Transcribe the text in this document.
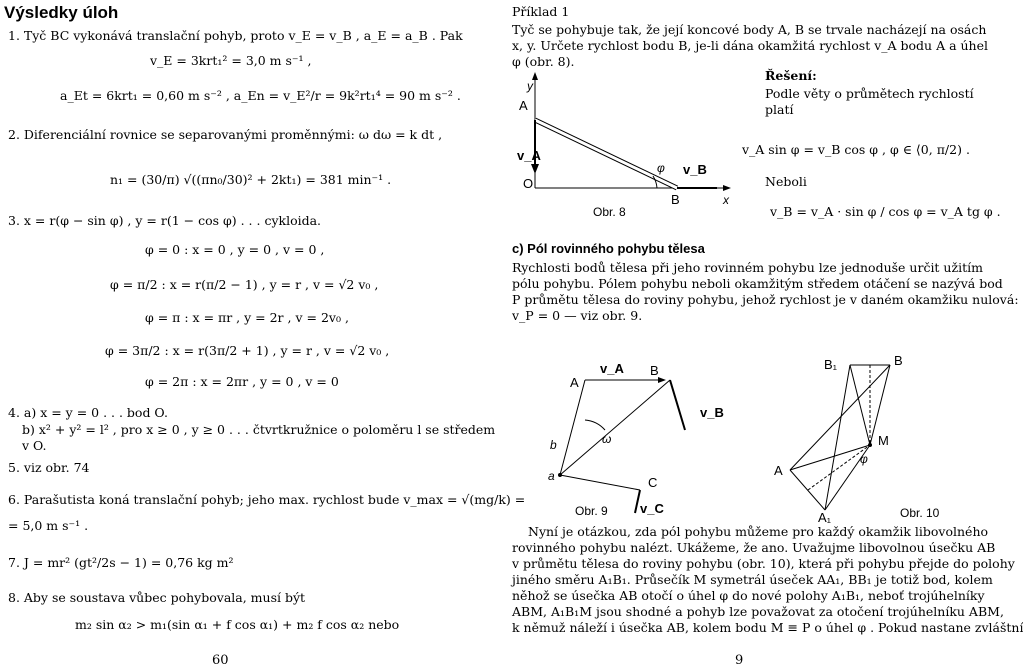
Výsledky úloh
1. Tyč BC vykonává translační pohyb, proto v_E = v_B , a_E = a_B . Pak
v_E = 3krt₁² = 3,0 m s⁻¹ ,
a_Et = 6krt₁ = 0,60 m s⁻² , a_En = v_E²/r = 9k²rt₁⁴ = 90 m s⁻² .
2. Diferenciální rovnice se separovanými proměnnými: ω dω = k dt ,
n₁ = (30/π) √((πn₀/30)² + 2kt₁) = 381 min⁻¹ .
3. x = r(φ − sin φ) , y = r(1 − cos φ) . . . cykloida.
φ = 0 : x = 0 , y = 0 , v = 0 ,
φ = π/2 : x = r(π/2 − 1) , y = r , v = √2 v₀ ,
φ = π : x = πr , y = 2r , v = 2v₀ ,
φ = 3π/2 : x = r(3π/2 + 1) , y = r , v = √2 v₀ ,
φ = 2π : x = 2πr , y = 0 , v = 0
4. a) x = y = 0 . . . bod O.
b) x² + y² = l² , pro x ≥ 0 , y ≥ 0 . . . čtvrtkružnice o poloměru l se středem
v O.
5. viz obr. 74
6. Parašutista koná translační pohyb; jeho max. rychlost bude v_max = √(mg/k) =
= 5,0 m s⁻¹ .
7. J = mr² (gt²/2s − 1) = 0,76 kg m²
8. Aby se soustava vůbec pohybovala, musí být
m₂ sin α₂ > m₁(sin α₁ + f cos α₁) + m₂ f cos α₂ nebo
60
Příklad 1
Tyč se pohybuje tak, že její koncové body A, B se trvale nacházejí na osách
x, y. Určete rychlost bodu B, je-li dána okamžitá rychlost v_A bodu A a úhel
φ (obr. 8).
Řešení:
Podle věty o průmětech rychlostí
platí
v_A sin φ = v_B cos φ , φ ∈ ⟨0, π/2) .
Neboli
v_B = v_A · sin φ / cos φ = v_A tg φ .
y
A
v_A
O
φ v_B
B	x
Obr. 8
c) Pól rovinného pohybu tělesa
Rychlosti bodů tělesa při jeho rovinném pohybu lze jednoduše určit užitím
pólu pohybu. Pólem pohybu neboli okamžitým středem otáčení se nazývá bod
P průmětu tělesa do roviny pohybu, jehož rychlost je v daném okamžiku nulová:
v_P = 0 — viz obr. 9.
A
v_A B
v_B
b
a
ω
C
v_C
Obr. 9
B₁	B
M
φ
A
A₁	Obr. 10
Nyní je otázkou, zda pól pohybu můžeme pro každý okamžik libovolného
rovinného pohybu nalézt. Ukážeme, že ano. Uvažujme libovolnou úsečku AB
v průmětu tělesa do roviny pohybu (obr. 10), která při pohybu přejde do polohy
jiného směru A₁B₁. Průsečík M symetrál úseček AA₁, BB₁ je totiž bod, kolem
něhož se úsečka AB otočí o úhel φ do nové polohy A₁B₁, neboť trojúhelníky
ABM, A₁B₁M jsou shodné a pohyb lze považovat za otočení trojúhelníku ABM,
k němuž náleží i úsečka AB, kolem bodu M ≡ P o úhel φ . Pokud nastane zvláštní
9
